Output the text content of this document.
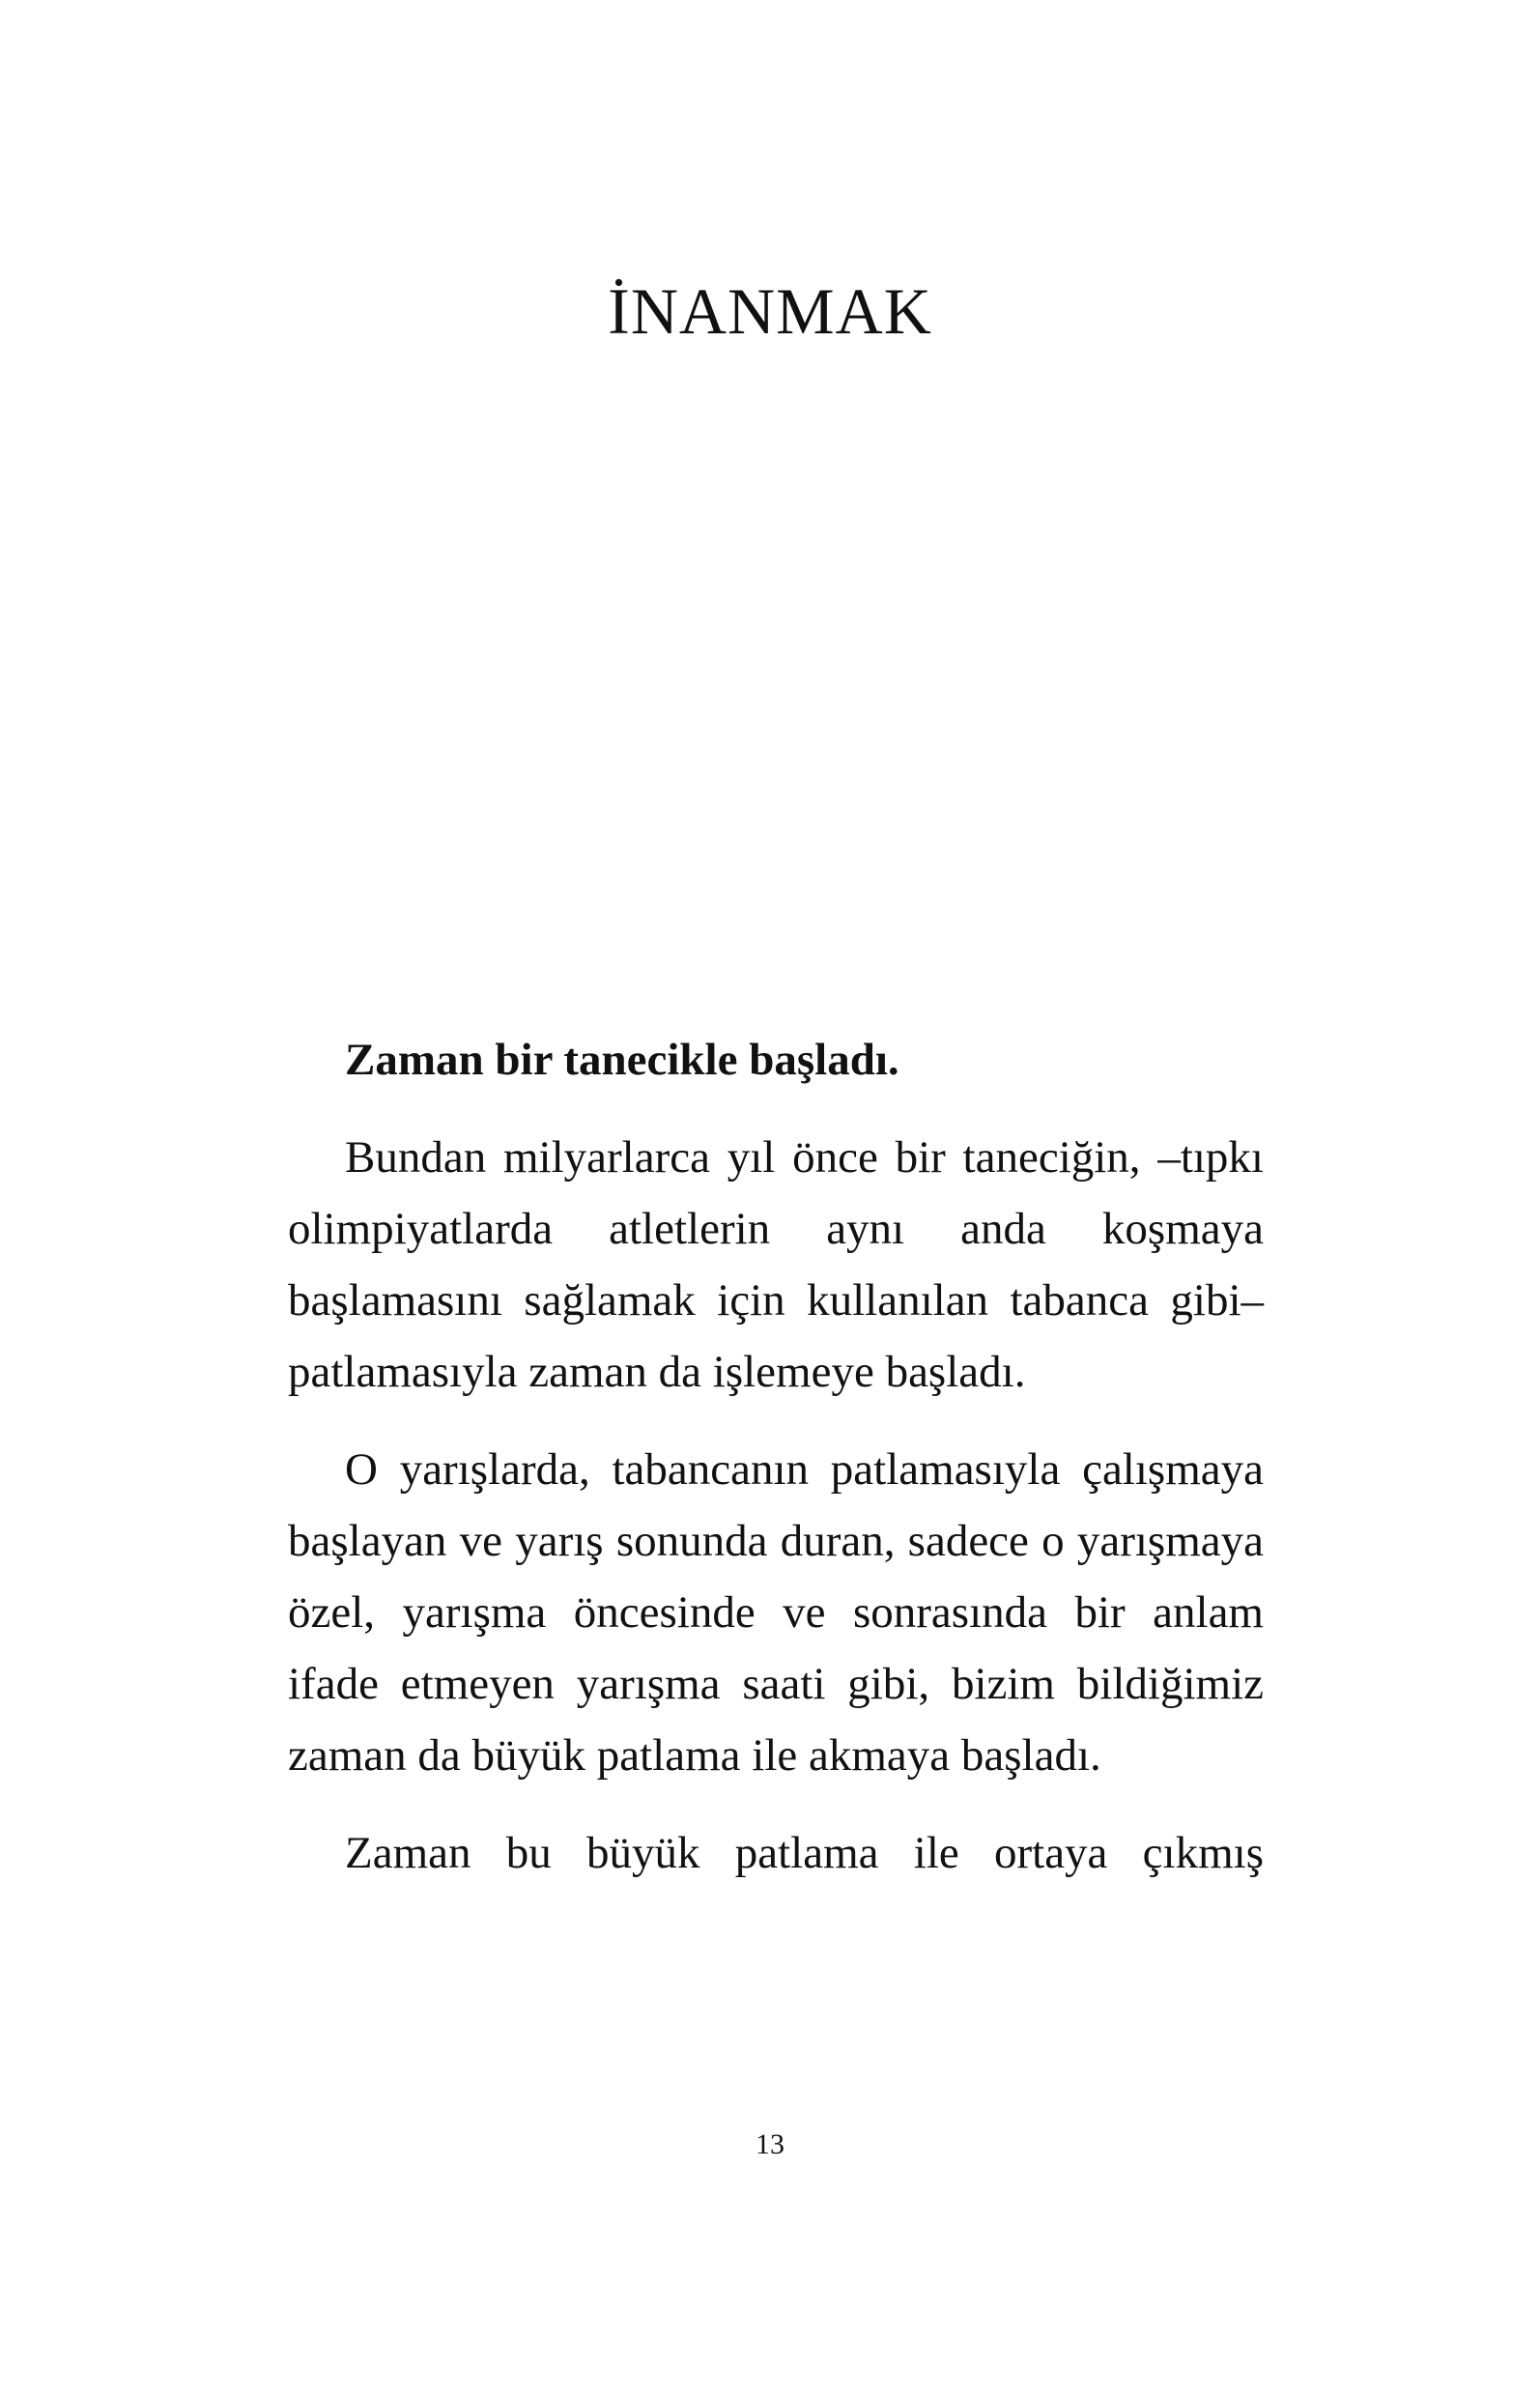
İNANMAK

Zaman bir tanecikle başladı.

Bundan milyarlarca yıl önce bir taneciğin, –tıpkı olimpiyatlarda atletlerin aynı anda koşmaya başlamasını sağlamak için kullanılan tabanca gibi– patlamasıyla zaman da işlemeye başladı.

O yarışlarda, tabancanın patlamasıyla çalışmaya başlayan ve yarış sonunda duran, sadece o yarışmaya özel, yarışma öncesinde ve sonrasında bir anlam ifade etmeyen yarışma saati gibi, bizim bildiğimiz zaman da büyük patlama ile akmaya başladı.

Zaman bu büyük patlama ile ortaya çıkmış

13
